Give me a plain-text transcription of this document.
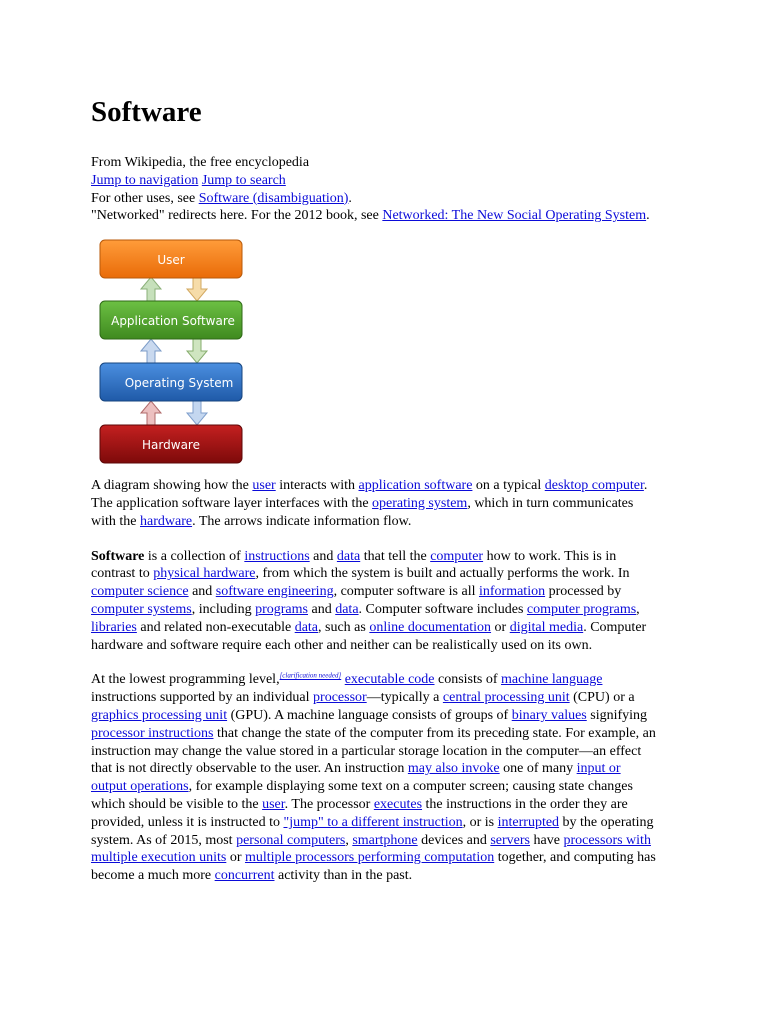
Software
From Wikipedia, the free encyclopedia
Jump to navigation Jump to search
For other uses, see Software (disambiguation).
"Networked" redirects here. For the 2012 book, see Networked: The New Social Operating System.
User
Application Software
Operating System
Hardware

A diagram showing how the user interacts with application software on a typical desktop computer. The application software layer interfaces with the operating system, which in turn communicates with the hardware. The arrows indicate information flow.

Software is a collection of instructions and data that tell the computer how to work. This is in contrast to physical hardware, from which the system is built and actually performs the work. In computer science and software engineering, computer software is all information processed by computer systems, including programs and data. Computer software includes computer programs, libraries and related non-executable data, such as online documentation or digital media. Computer hardware and software require each other and neither can be realistically used on its own.

At the lowest programming level,[clarification needed] executable code consists of machine language instructions supported by an individual processor—typically a central processing unit (CPU) or a graphics processing unit (GPU). A machine language consists of groups of binary values signifying processor instructions that change the state of the computer from its preceding state. For example, an instruction may change the value stored in a particular storage location in the computer—an effect that is not directly observable to the user. An instruction may also invoke one of many input or output operations, for example displaying some text on a computer screen; causing state changes which should be visible to the user. The processor executes the instructions in the order they are provided, unless it is instructed to "jump" to a different instruction, or is interrupted by the operating system. As of 2015, most personal computers, smartphone devices and servers have processors with multiple execution units or multiple processors performing computation together, and computing has become a much more concurrent activity than in the past.
